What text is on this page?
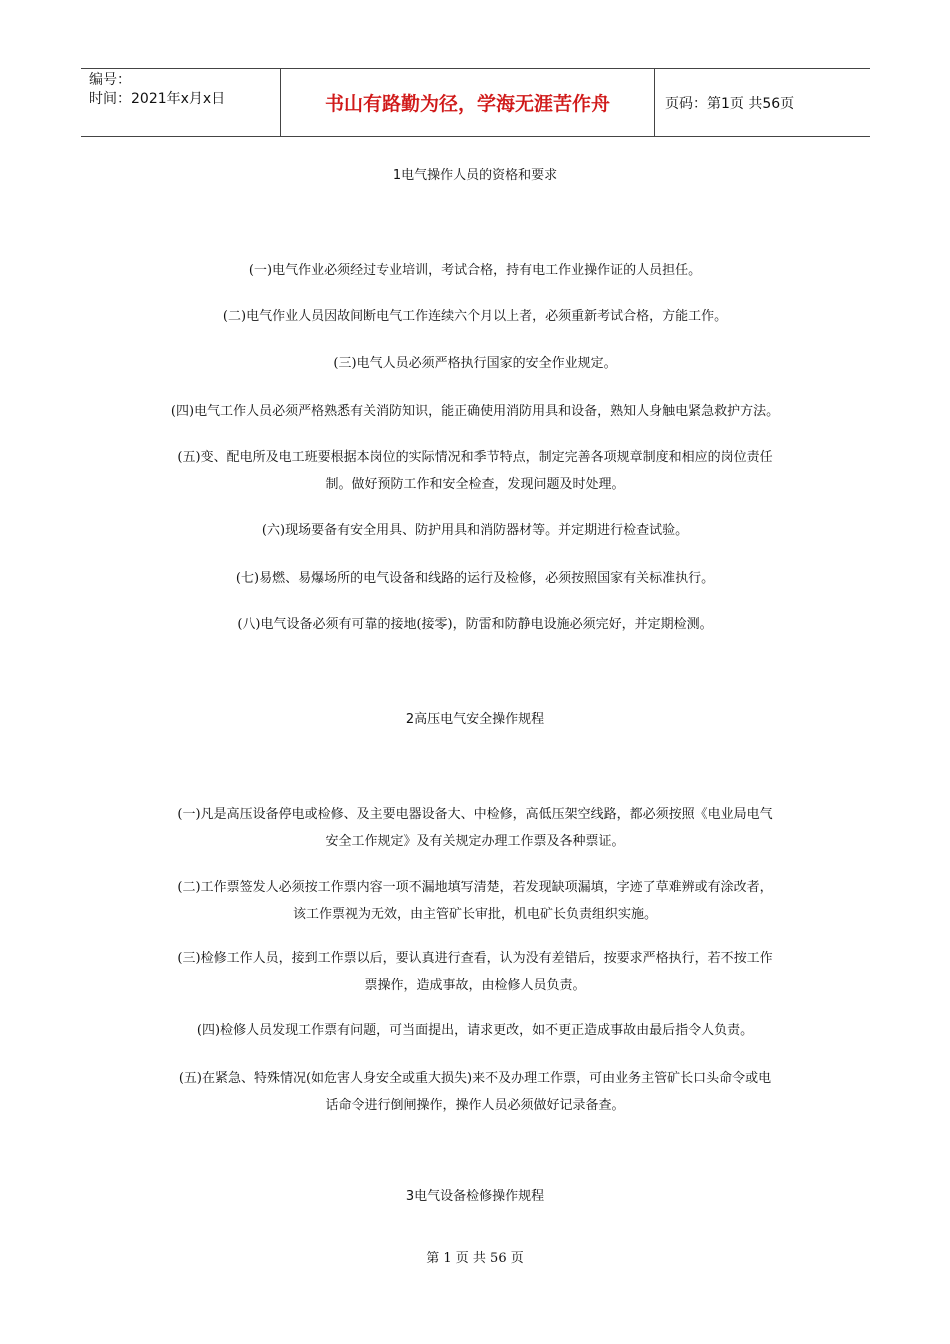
编号：
时间：2021年x月x日	书山有路勤为径，学海无涯苦作舟	页码：第1页 共56页
1电气操作人员的资格和要求
(一)电气作业必须经过专业培训，考试合格，持有电工作业操作证的人员担任。
(二)电气作业人员因故间断电气工作连续六个月以上者，必须重新考试合格，方能工作。
(三)电气人员必须严格执行国家的安全作业规定。
(四)电气工作人员必须严格熟悉有关消防知识，能正确使用消防用具和设备，熟知人身触电紧急救护方法。
(五)变、配电所及电工班要根据本岗位的实际情况和季节特点，制定完善各项规章制度和相应的岗位责任
制。做好预防工作和安全检查，发现问题及时处理。
(六)现场要备有安全用具、防护用具和消防器材等。并定期进行检查试验。
(七)易燃、易爆场所的电气设备和线路的运行及检修，必须按照国家有关标准执行。
(八)电气设备必须有可靠的接地(接零)，防雷和防静电设施必须完好，并定期检测。
2高压电气安全操作规程
(一)凡是高压设备停电或检修、及主要电器设备大、中检修，高低压架空线路，都必须按照《电业局电气
安全工作规定》及有关规定办理工作票及各种票证。
(二)工作票签发人必须按工作票内容一项不漏地填写清楚，若发现缺项漏填，字迹了草难辨或有涂改者，
该工作票视为无效，由主管矿长审批，机电矿长负责组织实施。
(三)检修工作人员，接到工作票以后，要认真进行查看，认为没有差错后，按要求严格执行，若不按工作
票操作，造成事故，由检修人员负责。
(四)检修人员发现工作票有问题，可当面提出，请求更改，如不更正造成事故由最后指令人负责。
(五)在紧急、特殊情况(如危害人身安全或重大损失)来不及办理工作票，可由业务主管矿长口头命令或电
话命令进行倒闸操作，操作人员必须做好记录备查。
3电气设备检修操作规程
第 1 页 共 56 页
